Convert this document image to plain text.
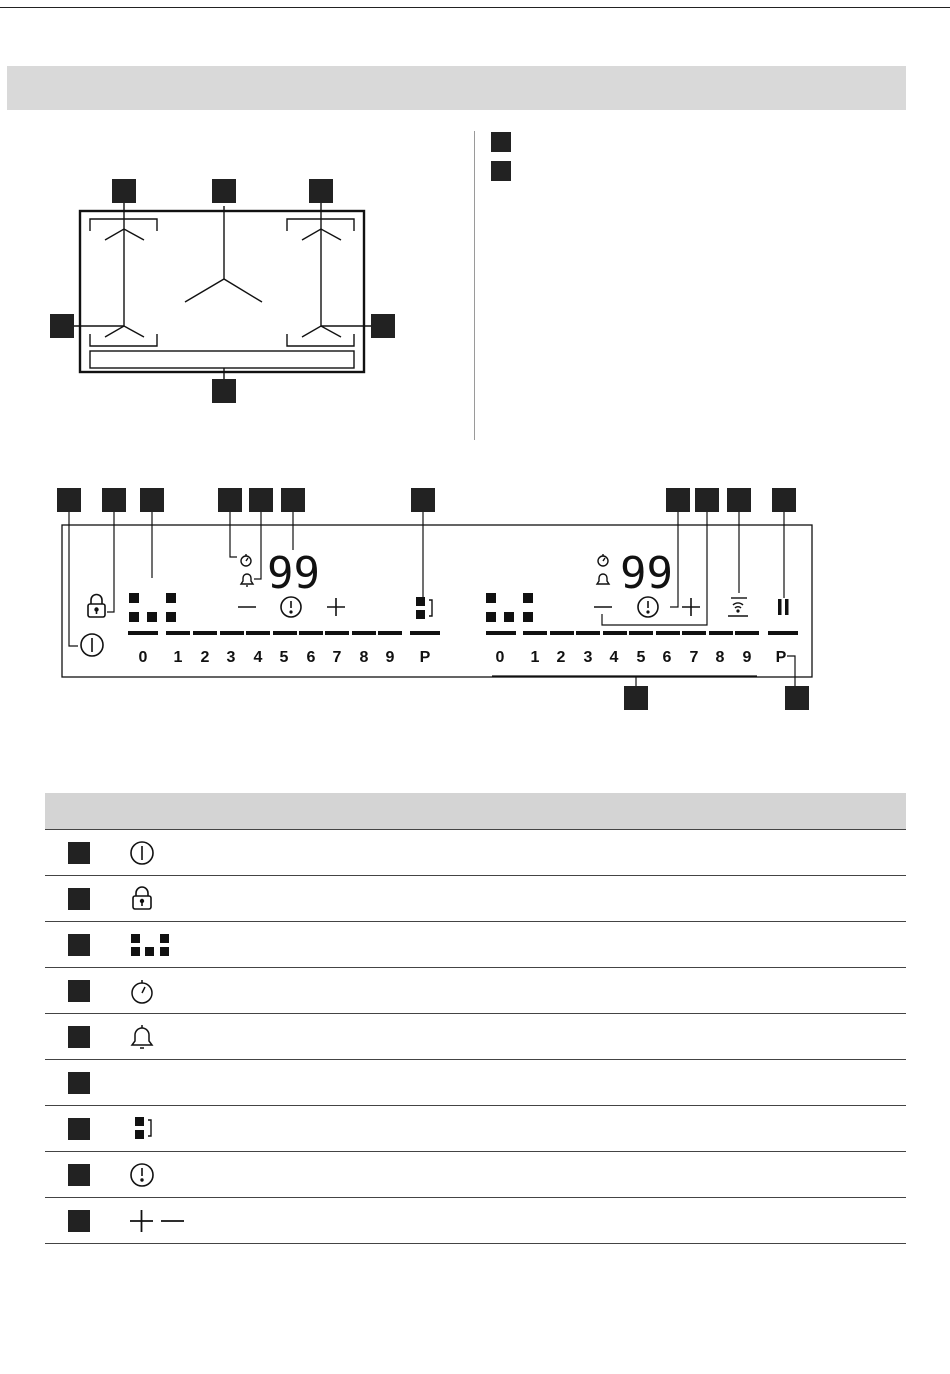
99
0 1 2 3 4 5 6 7 8 9 P
99
0 1 2 3 4 5 6 7 8 9 P
